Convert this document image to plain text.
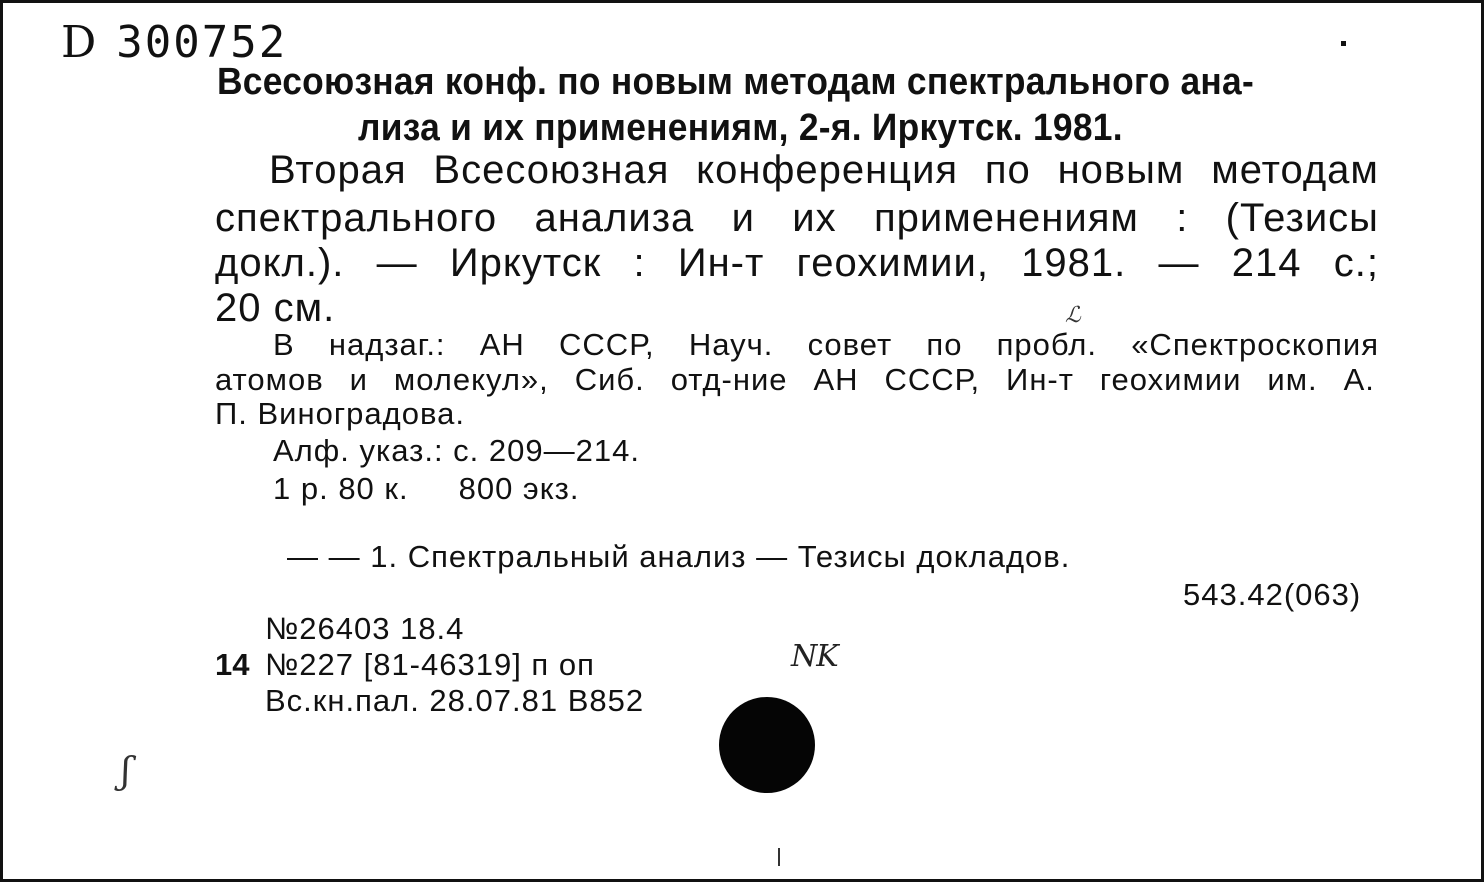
D 300752
Всесоюзная конф. по новым методам спектрального ана-
лиза и их применениям, 2-я. Иркутск. 1981.
Вторая Всесоюзная конференция по новым методам
спектрального анализа и их применениям : (Тезисы
докл.). — Иркутск : Ин-т геохимии, 1981. — 214 с.;
20 см.	ℒ
В надзаг.: АН СССР, Науч. совет по пробл. «Спектроскопия
атомов и молекул», Сиб. отд-ние АН СССР, Ин-т геохимии им. А.
П. Виноградова.
Алф. указ.: с. 209—214.
1 р. 80 к. 800 экз.
— — 1. Спектральный анализ — Тезисы докладов.
543.42(063)
№26403 18.4
14 №227 [81-46319] п оп
Вс.кн.пал. 28.07.81 В852
NK
ʃ
